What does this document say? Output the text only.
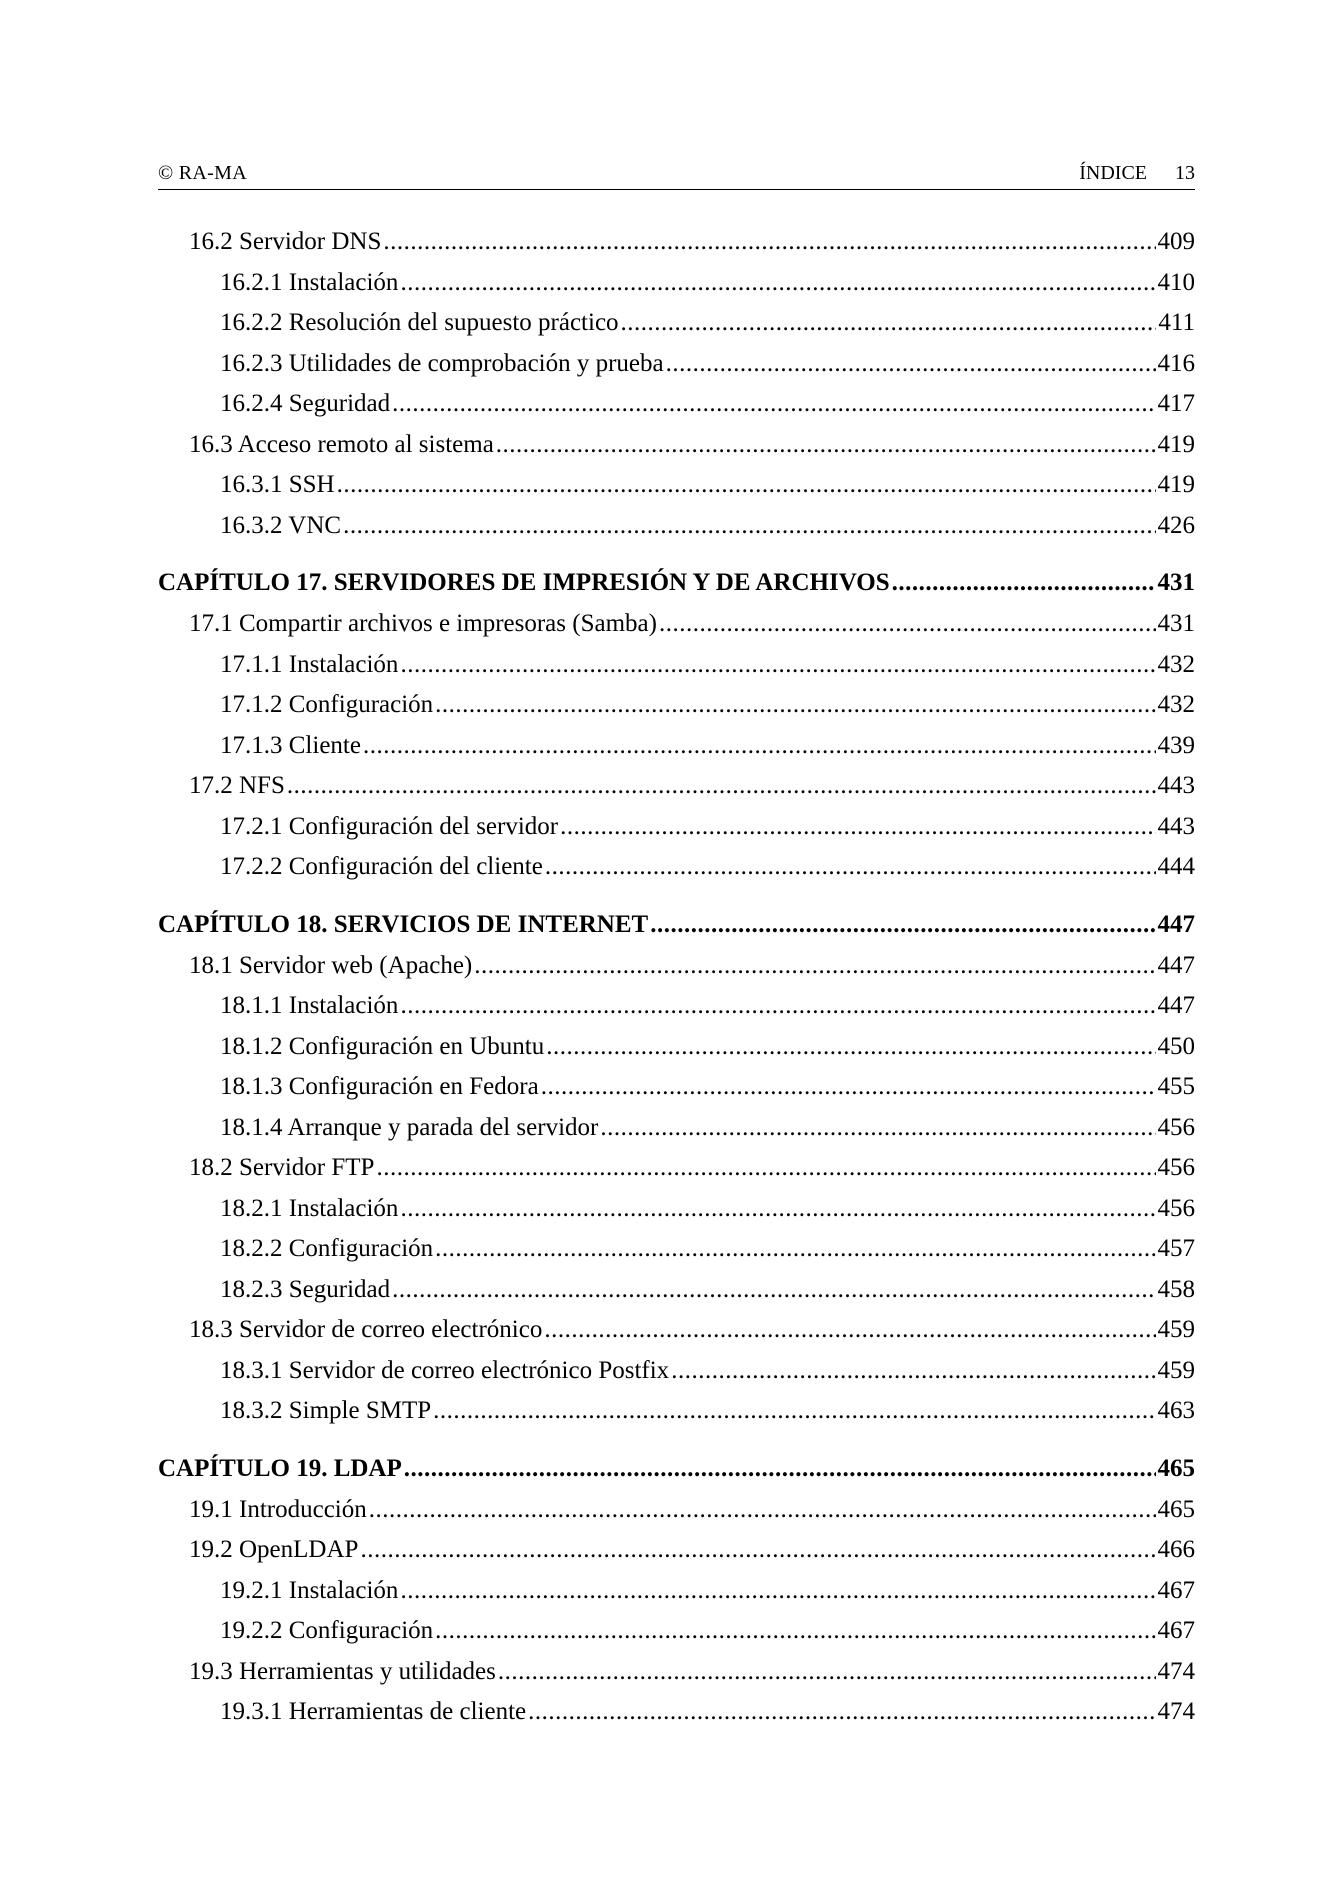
© RA-MA	ÍNDICE 13
16.2 Servidor DNS .....	409
16.2.1 Instalación .....	410
16.2.2 Resolución del supuesto práctico .....	411
16.2.3 Utilidades de comprobación y prueba .....	416
16.2.4 Seguridad .....	417
16.3 Acceso remoto al sistema .....	419
16.3.1 SSH .....	419
16.3.2 VNC .....	426
CAPÍTULO 17. SERVIDORES DE IMPRESIÓN Y DE ARCHIVOS .....	431
17.1 Compartir archivos e impresoras (Samba) .....	431
17.1.1 Instalación .....	432
17.1.2 Configuración .....	432
17.1.3 Cliente .....	439
17.2 NFS .....	443
17.2.1 Configuración del servidor .....	443
17.2.2 Configuración del cliente .....	444
CAPÍTULO 18. SERVICIOS DE INTERNET .....	447
18.1 Servidor web (Apache) .....	447
18.1.1 Instalación .....	447
18.1.2 Configuración en Ubuntu .....	450
18.1.3 Configuración en Fedora .....	455
18.1.4 Arranque y parada del servidor .....	456
18.2 Servidor FTP .....	456
18.2.1 Instalación .....	456
18.2.2 Configuración .....	457
18.2.3 Seguridad .....	458
18.3 Servidor de correo electrónico .....	459
18.3.1 Servidor de correo electrónico Postfix .....	459
18.3.2 Simple SMTP .....	463
CAPÍTULO 19. LDAP .....	465
19.1 Introducción .....	465
19.2 OpenLDAP .....	466
19.2.1 Instalación .....	467
19.2.2 Configuración .....	467
19.3 Herramientas y utilidades .....	474
19.3.1 Herramientas de cliente .....	474
